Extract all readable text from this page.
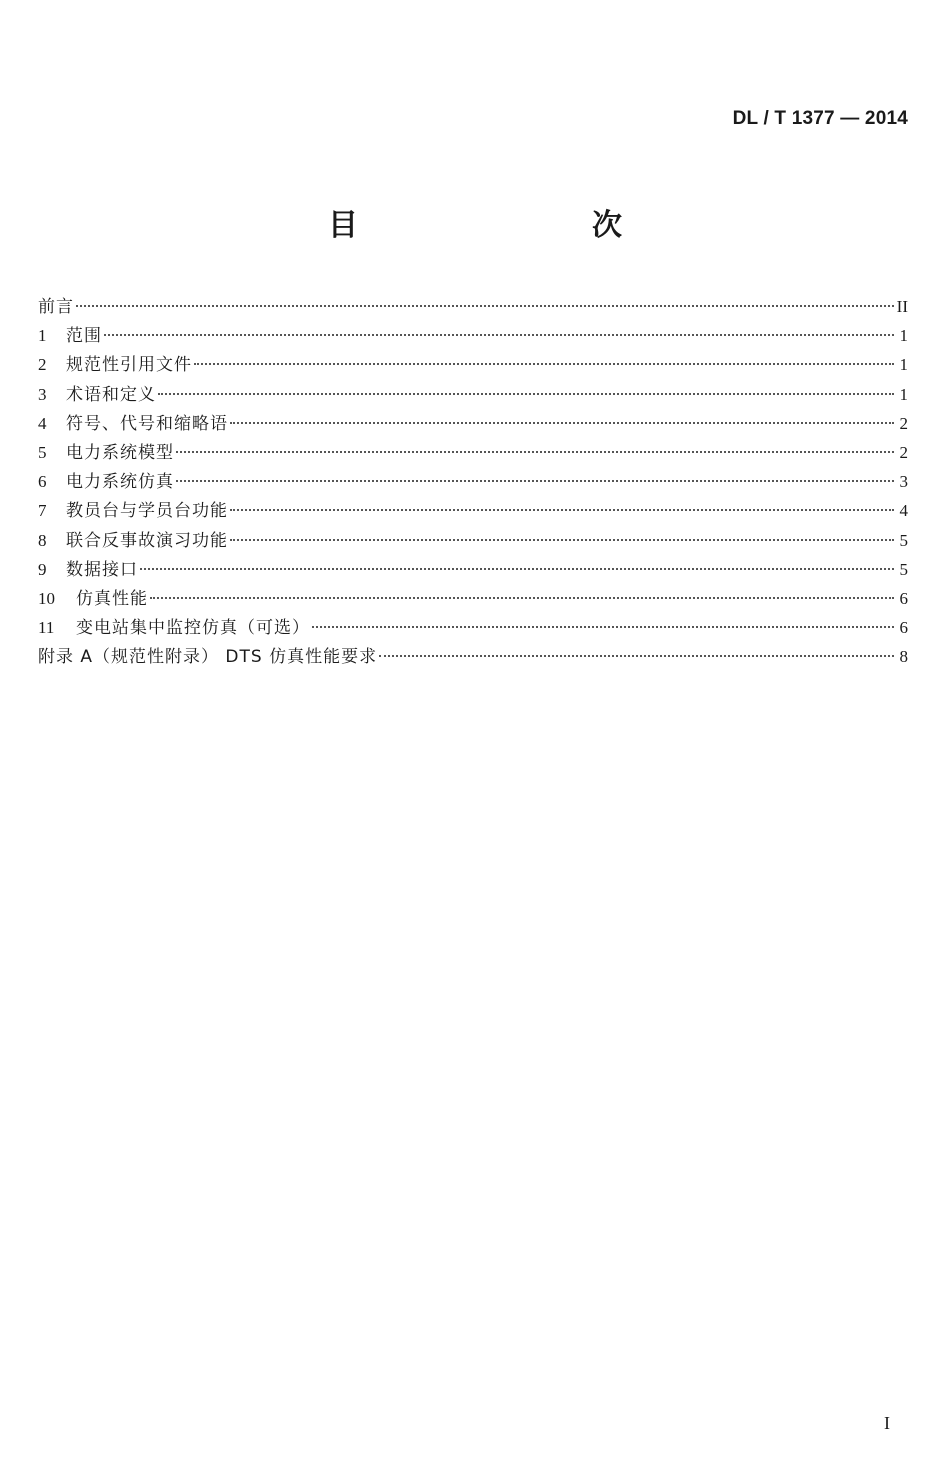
DL / T 1377 — 2014
目　　次
前言	II
1	范围	1
2	规范性引用文件	1
3	术语和定义	1
4	符号、代号和缩略语	2
5	电力系统模型	2
6	电力系统仿真	3
7	教员台与学员台功能	4
8	联合反事故演习功能	5
9	数据接口	5
10	仿真性能	6
11	变电站集中监控仿真（可选）	6
附录 A（规范性附录） DTS 仿真性能要求	8
I
